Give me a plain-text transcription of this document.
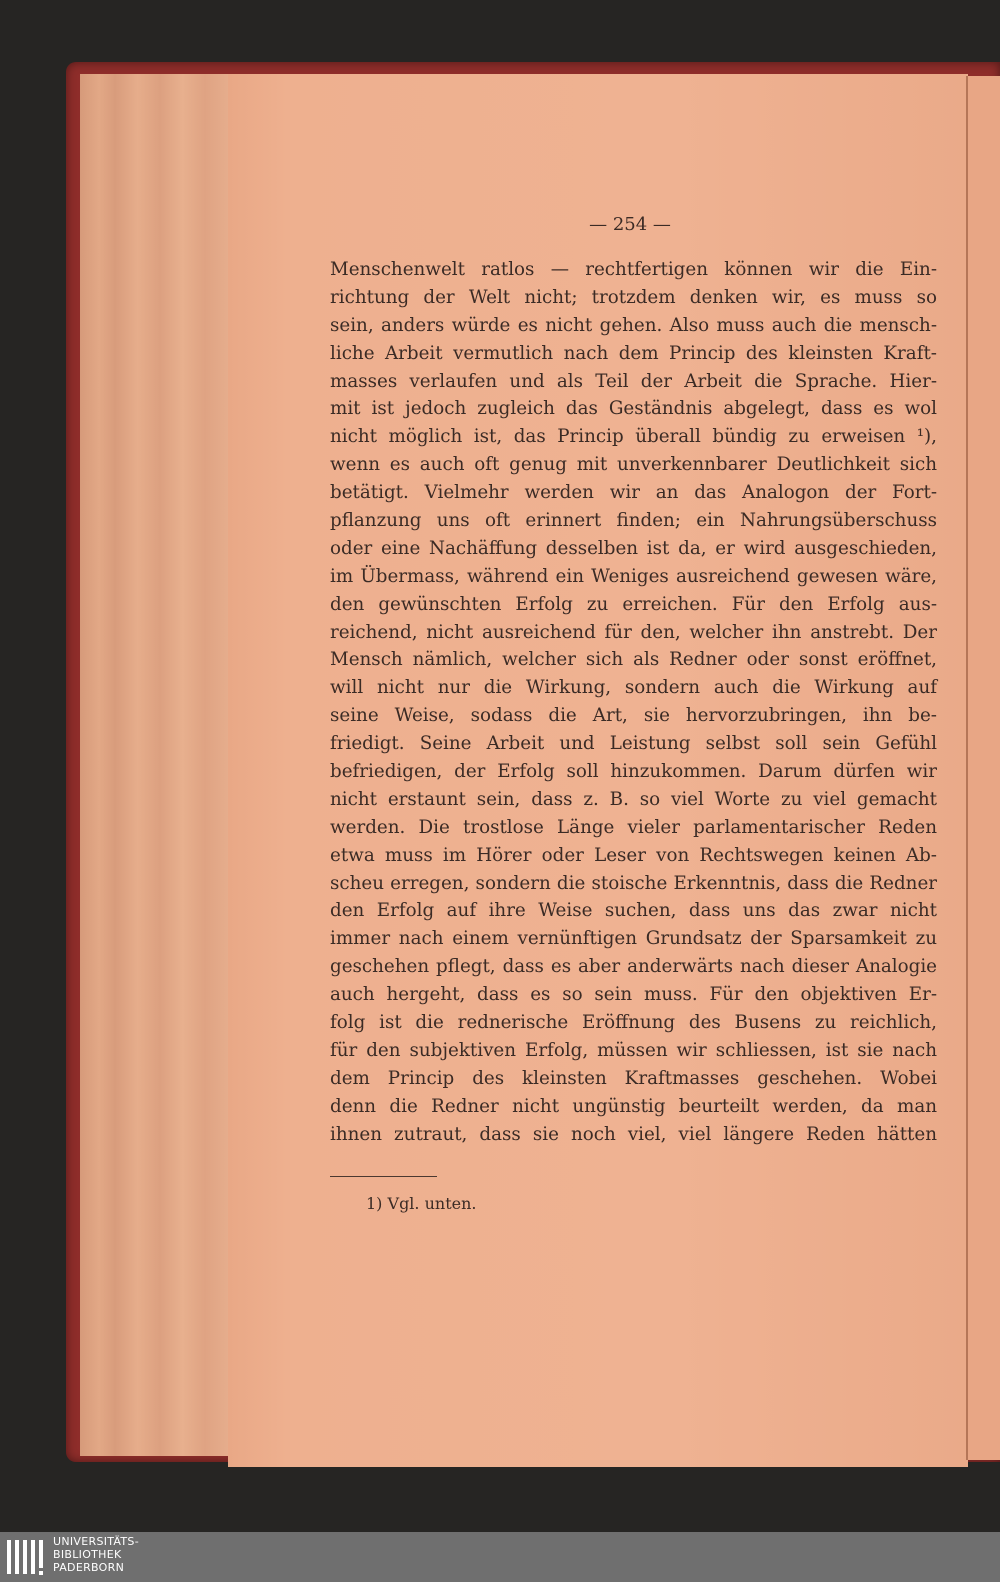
— 254 —
Menschenwelt ratlos — rechtfertigen können wir die Ein-
richtung der Welt nicht; trotzdem denken wir, es muss so
sein, anders würde es nicht gehen. Also muss auch die mensch-
liche Arbeit vermutlich nach dem Princip des kleinsten Kraft-
masses verlaufen und als Teil der Arbeit die Sprache. Hier-
mit ist jedoch zugleich das Geständnis abgelegt, dass es wol
nicht möglich ist, das Princip überall bündig zu erweisen ¹),
wenn es auch oft genug mit unverkennbarer Deutlichkeit sich
betätigt. Vielmehr werden wir an das Analogon der Fort-
pflanzung uns oft erinnert finden; ein Nahrungsüberschuss
oder eine Nachäffung desselben ist da, er wird ausgeschieden,
im Übermass, während ein Weniges ausreichend gewesen wäre,
den gewünschten Erfolg zu erreichen. Für den Erfolg aus-
reichend, nicht ausreichend für den, welcher ihn anstrebt. Der
Mensch nämlich, welcher sich als Redner oder sonst eröffnet,
will nicht nur die Wirkung, sondern auch die Wirkung auf
seine Weise, sodass die Art, sie hervorzubringen, ihn be-
friedigt. Seine Arbeit und Leistung selbst soll sein Gefühl
befriedigen, der Erfolg soll hinzukommen. Darum dürfen wir
nicht erstaunt sein, dass z. B. so viel Worte zu viel gemacht
werden. Die trostlose Länge vieler parlamentarischer Reden
etwa muss im Hörer oder Leser von Rechtswegen keinen Ab-
scheu erregen, sondern die stoische Erkenntnis, dass die Redner
den Erfolg auf ihre Weise suchen, dass uns das zwar nicht
immer nach einem vernünftigen Grundsatz der Sparsamkeit zu
geschehen pflegt, dass es aber anderwärts nach dieser Analogie
auch hergeht, dass es so sein muss. Für den objektiven Er-
folg ist die rednerische Eröffnung des Busens zu reichlich,
für den subjektiven Erfolg, müssen wir schliessen, ist sie nach
dem Princip des kleinsten Kraftmasses geschehen. Wobei
denn die Redner nicht ungünstig beurteilt werden, da man
ihnen zutraut, dass sie noch viel, viel längere Reden hätten
1) Vgl. unten.
UNIVERSITÄTS-
BIBLIOTHEK
PADERBORN
